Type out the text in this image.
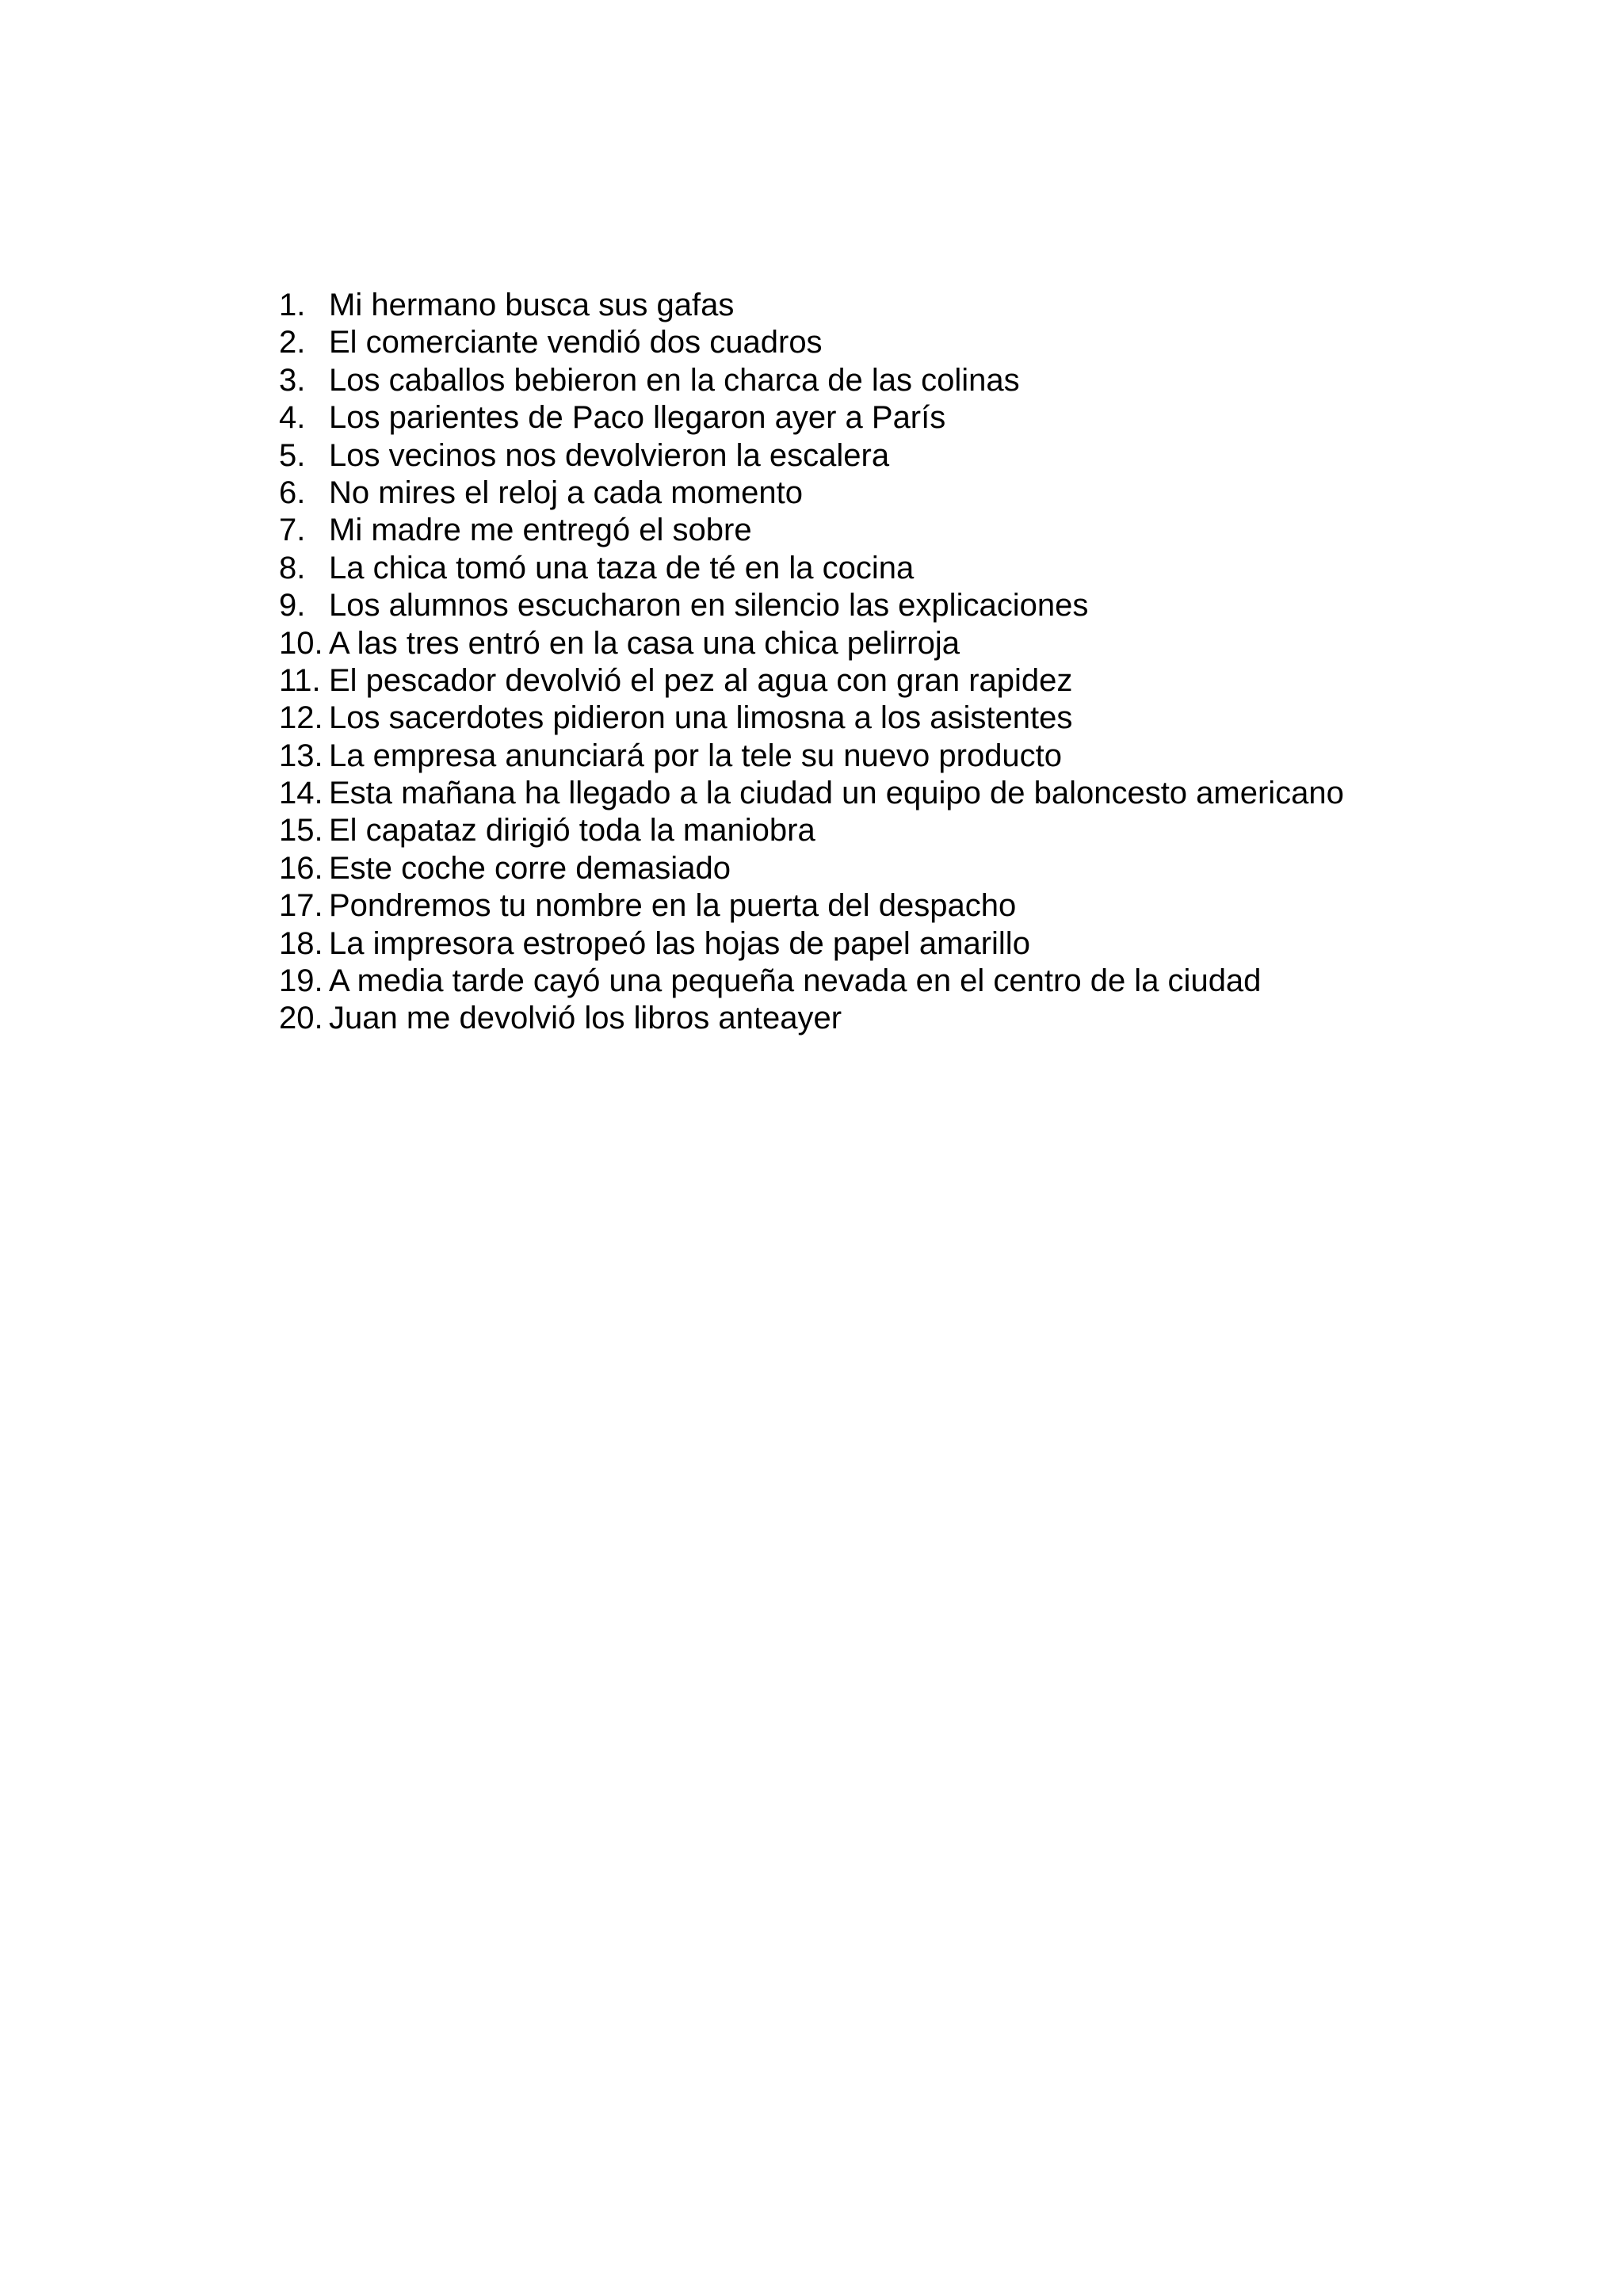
1. Mi hermano busca sus gafas
2. El comerciante vendió dos cuadros
3. Los caballos bebieron en la charca de las colinas
4. Los parientes de Paco llegaron ayer a París
5. Los vecinos nos devolvieron la escalera
6. No mires el reloj a cada momento
7. Mi madre me entregó el sobre
8. La chica tomó una taza de té en la cocina
9. Los alumnos escucharon en silencio las explicaciones
10. A las tres entró en la casa una chica pelirroja
11. El pescador devolvió el pez al agua con gran rapidez
12. Los sacerdotes pidieron una limosna a los asistentes
13. La empresa anunciará por la tele su nuevo producto
14. Esta mañana ha llegado a la ciudad un equipo de baloncesto americano
15. El capataz dirigió toda la maniobra
16. Este coche corre demasiado
17. Pondremos tu nombre en la puerta del despacho
18. La impresora estropeó las hojas de papel amarillo
19. A media tarde cayó una pequeña nevada en el centro de la ciudad
20. Juan me devolvió los libros anteayer
